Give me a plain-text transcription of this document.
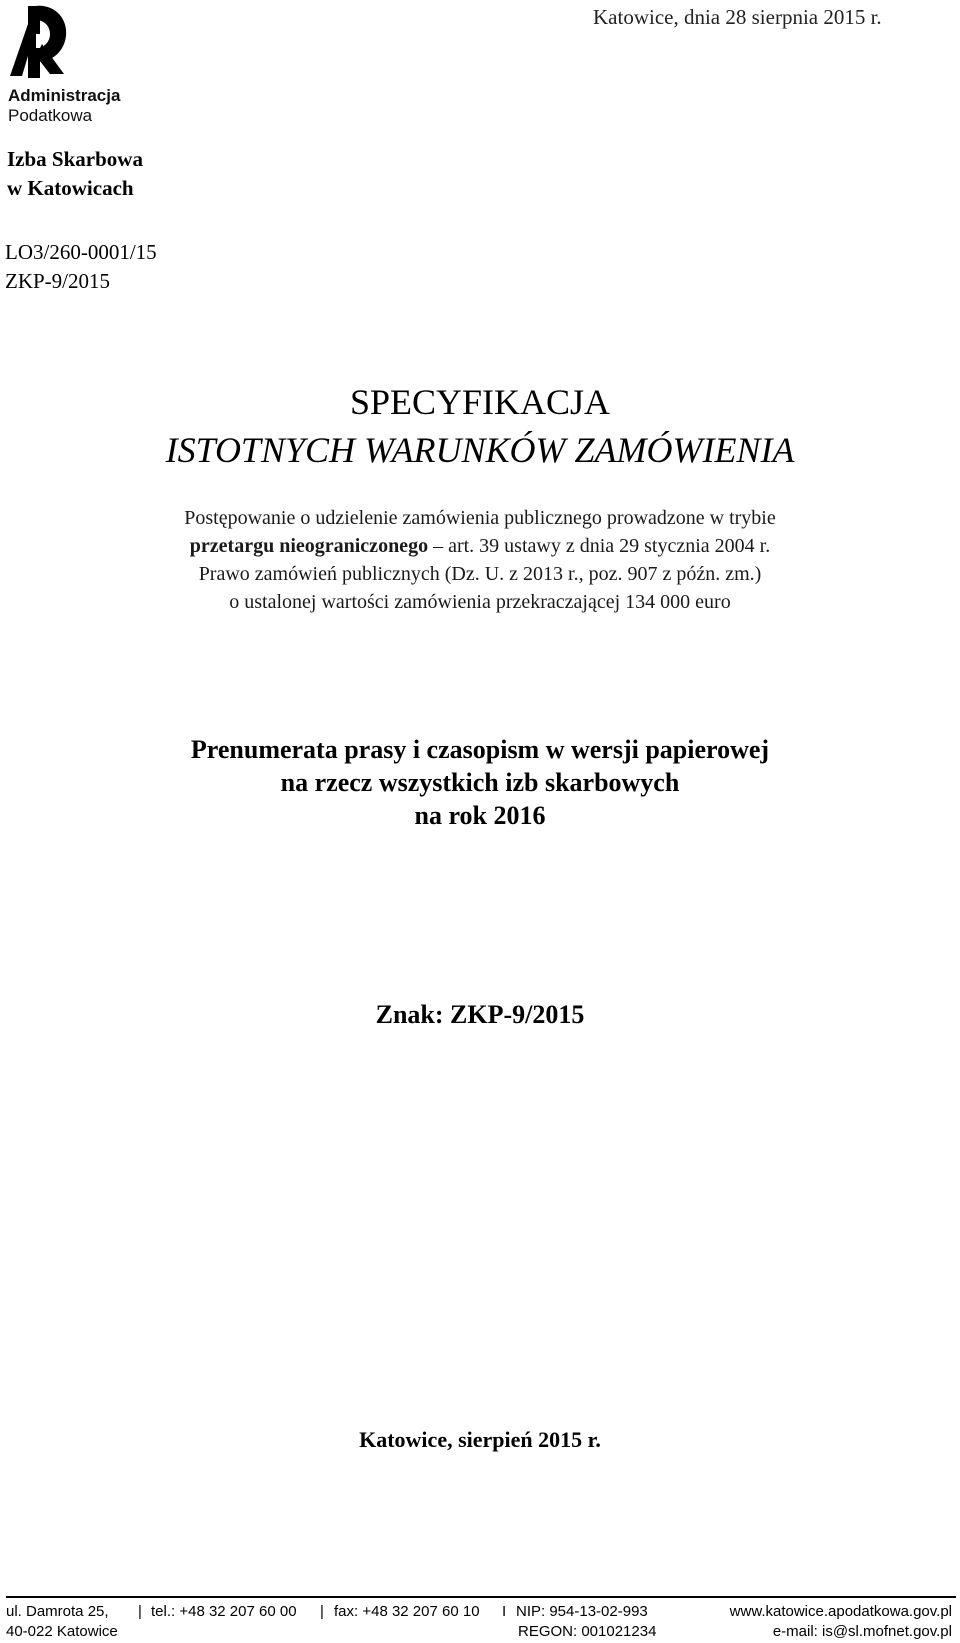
Administracja
Podatkowa
Katowice, dnia 28 sierpnia 2015 r.
Izba Skarbowa
w Katowicach
LO3/260-0001/15
ZKP-9/2015
SPECYFIKACJA
ISTOTNYCH WARUNKÓW ZAMÓWIENIA
Postępowanie o udzielenie zamówienia publicznego prowadzone w trybie
przetargu nieograniczonego – art. 39 ustawy z dnia 29 stycznia 2004 r.
Prawo zamówień publicznych (Dz. U. z 2013 r., poz. 907 z późn. zm.)
o ustalonej wartości zamówienia przekraczającej 134 000 euro
Prenumerata prasy i czasopism w wersji papierowej
na rzecz wszystkich izb skarbowych
na rok 2016
Znak: ZKP-9/2015
Katowice, sierpień 2015 r.
ul. Damrota 25,
40-022 Katowice
| tel.: +48 32 207 60 00 | fax: +48 32 207 60 10 I NIP: 954-13-02-993
REGON: 001021234
www.katowice.apodatkowa.gov.pl
e-mail: is@sl.mofnet.gov.pl
